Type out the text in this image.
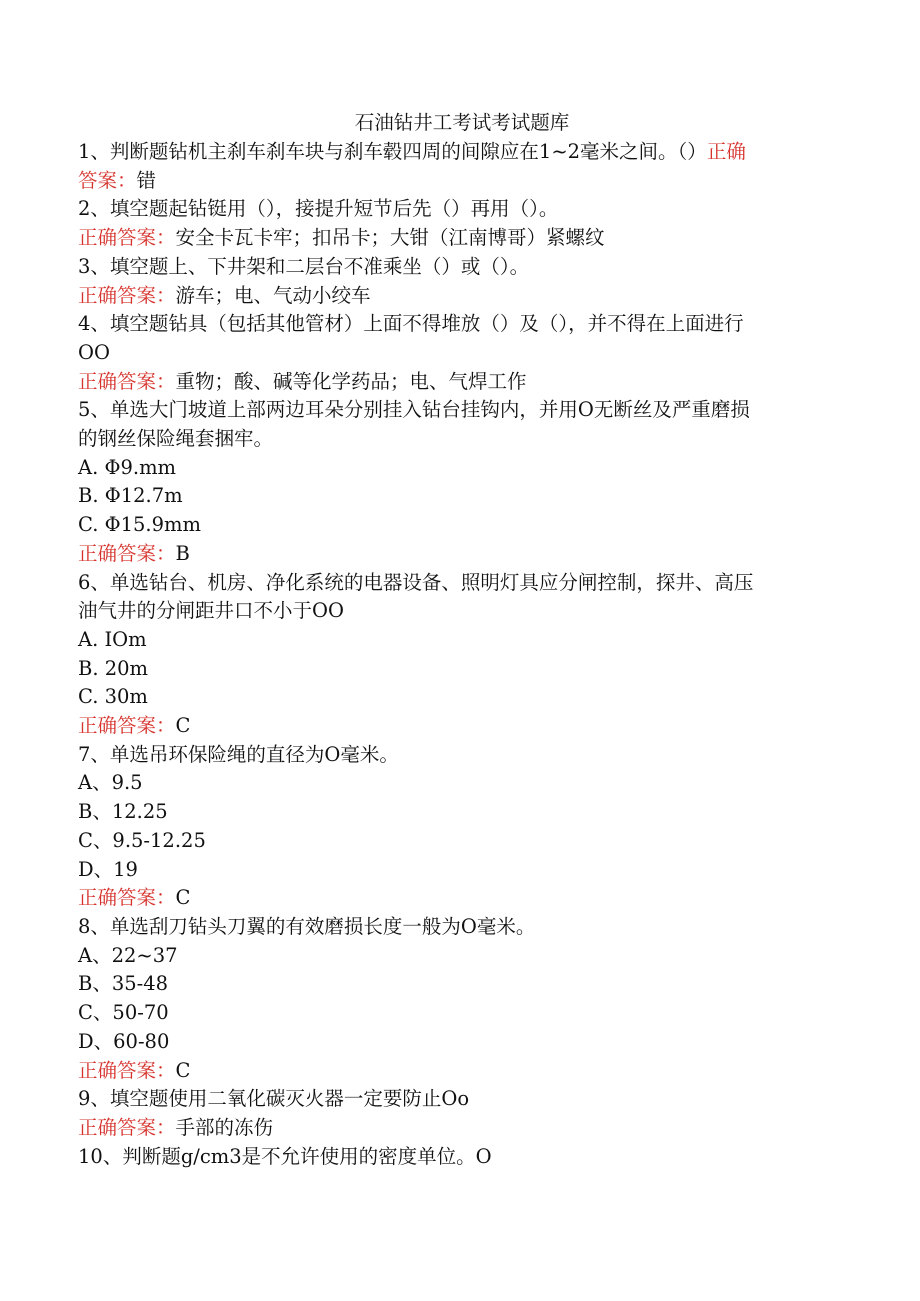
石油钻井工考试考试题库

1、判断题钻机主刹车刹车块与刹车毂四周的间隙应在1~2毫米之间。（）正确

答案：错

2、填空题起钻铤用（），接提升短节后先（）再用（）。

正确答案：安全卡瓦卡牢；扣吊卡；大钳（江南博哥）紧螺纹

3、填空题上、下井架和二层台不准乘坐（）或（）。

正确答案：游车；电、气动小绞车

4、填空题钻具（包括其他管材）上面不得堆放（）及（），并不得在上面进行

OO

正确答案：重物；酸、碱等化学药品；电、气焊工作

5、单选大门坡道上部两边耳朵分别挂入钻台挂钩内，并用O无断丝及严重磨损

的钢丝保险绳套捆牢。

A. Φ9.mm

B. Φ12.7m

C. Φ15.9mm

正确答案：B

6、单选钻台、机房、净化系统的电器设备、照明灯具应分闸控制，探井、高压

油气井的分闸距井口不小于OO

A. IOm

B. 20m

C. 30m

正确答案：C

7、单选吊环保险绳的直径为O毫米。

A、9.5

B、12.25

C、9.5-12.25

D、19

正确答案：C

8、单选刮刀钻头刀翼的有效磨损长度一般为O毫米。

A、22~37

B、35-48

C、50-70

D、60-80

正确答案：C

9、填空题使用二氧化碳灭火器一定要防止Oo

正确答案：手部的冻伤

10、判断题g/cm3是不允许使用的密度单位。O
